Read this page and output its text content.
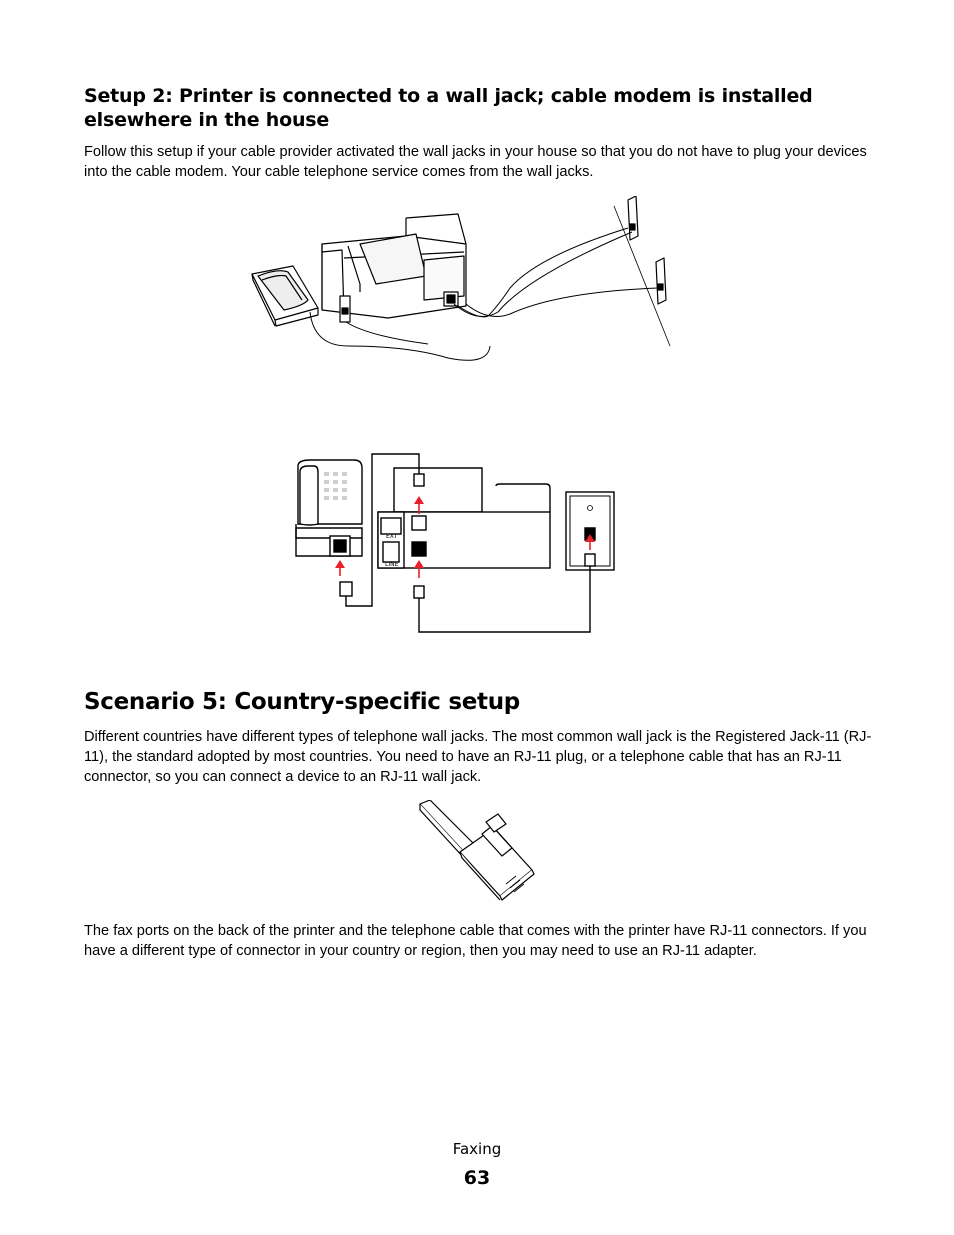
Setup 2: Printer is connected to a wall jack; cable modem is installed elsewhere in the house

Follow this setup if your cable provider activated the wall jacks in your house so that you do not have to plug your devices into the cable modem. Your cable telephone service comes from the wall jacks.

EXT
LINE
Scenario 5: Country-specific setup

Different countries have different types of telephone wall jacks. The most common wall jack is the Registered Jack-11 (RJ-11), the standard adopted by most countries. You need to have an RJ-11 plug, or a telephone cable that has an RJ-11 connector, so you can connect a device to an RJ-11 wall jack.

The fax ports on the back of the printer and the telephone cable that comes with the printer have RJ-11 connectors. If you have a different type of connector in your country or region, then you may need to use an RJ-11 adapter.

Faxing
63
